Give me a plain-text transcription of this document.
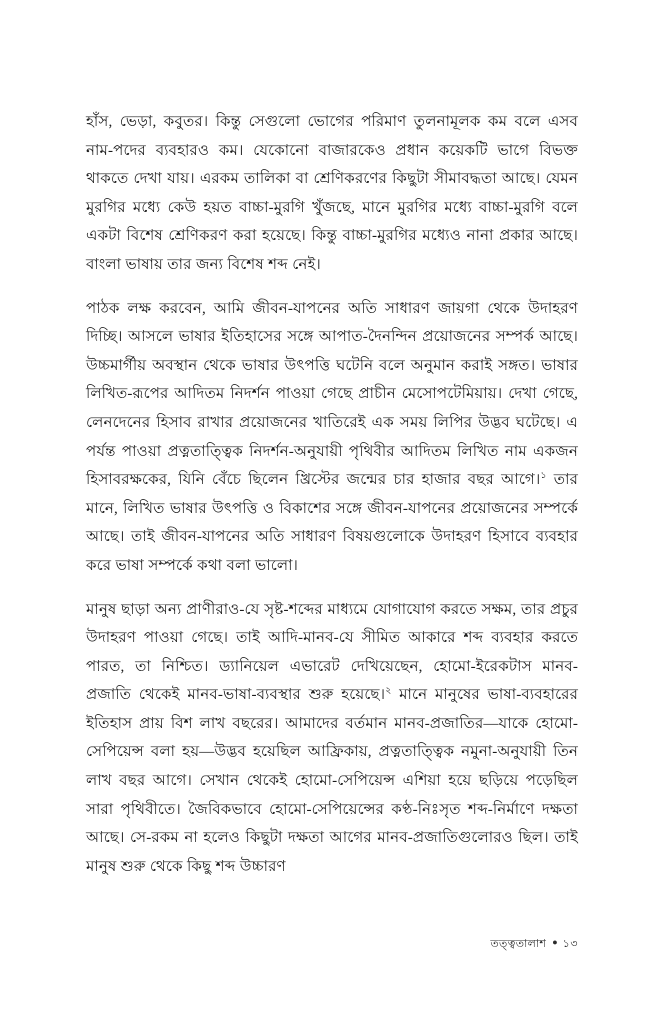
হাঁস, ভেড়া, কবুতর। কিন্তু সেগুলো ভোগের পরিমাণ তুলনামূলক কম বলে এসব নাম-পদের ব্যবহারও কম। যেকোনো বাজারকেও প্রধান কয়েকটি ভাগে বিভক্ত থাকতে দেখা যায়। এরকম তালিকা বা শ্রেণিকরণের কিছুটা সীমাবদ্ধতা আছে। যেমন মুরগির মধ্যে কেউ হয়ত বাচ্চা-মুরগি খুঁজছে, মানে মুরগির মধ্যে বাচ্চা-মুরগি বলে একটা বিশেষ শ্রেণিকরণ করা হয়েছে। কিন্তু বাচ্চা-মুরগির মধ্যেও নানা প্রকার আছে। বাংলা ভাষায় তার জন্য বিশেষ শব্দ নেই।

পাঠক লক্ষ করবেন, আমি জীবন-যাপনের অতি সাধারণ জায়গা থেকে উদাহরণ দিচ্ছি। আসলে ভাষার ইতিহাসের সঙ্গে আপাত-দৈনন্দিন প্রয়োজনের সম্পর্ক আছে। উচ্চমার্গীয় অবস্থান থেকে ভাষার উৎপত্তি ঘটেনি বলে অনুমান করাই সঙ্গত। ভাষার লিখিত-রূপের আদিতম নিদর্শন পাওয়া গেছে প্রাচীন মেসোপটেমিয়ায়। দেখা গেছে, লেনদেনের হিসাব রাখার প্রয়োজনের খাতিরেই এক সময় লিপির উদ্ভব ঘটেছে। এ পর্যন্ত পাওয়া প্রত্নতাত্ত্বিক নিদর্শন-অনুযায়ী পৃথিবীর আদিতম লিখিত নাম একজন হিসাবরক্ষকের, যিনি বেঁচে ছিলেন খ্রিস্টের জন্মের চার হাজার বছর আগে।$^১$ তার মানে, লিখিত ভাষার উৎপত্তি ও বিকাশের সঙ্গে জীবন-যাপনের প্রয়োজনের সম্পর্কে আছে। তাই জীবন-যাপনের অতি সাধারণ বিষয়গুলোকে উদাহরণ হিসাবে ব্যবহার করে ভাষা সম্পর্কে কথা বলা ভালো।

মানুষ ছাড়া অন্য প্রাণীরাও-যে সৃষ্ট-শব্দের মাধ্যমে যোগাযোগ করতে সক্ষম, তার প্রচুর উদাহরণ পাওয়া গেছে। তাই আদি-মানব-যে সীমিত আকারে শব্দ ব্যবহার করতে পারত, তা নিশ্চিত। ড্যানিয়েল এভারেট দেখিয়েছেন, হোমো-ইরেকটাস মানব-প্রজাতি থেকেই মানব-ভাষা-ব্যবস্থার শুরু হয়েছে।$^২$ মানে মানুষের ভাষা-ব্যবহারের ইতিহাস প্রায় বিশ লাখ বছরের। আমাদের বর্তমান মানব-প্রজাতির—যাকে হোমো-সেপিয়েন্স বলা হয়—উদ্ভব হয়েছিল আফ্রিকায়, প্রত্নতাত্ত্বিক নমুনা-অনুযায়ী তিন লাখ বছর আগে। সেখান থেকেই হোমো-সেপিয়েন্স এশিয়া হয়ে ছড়িয়ে পড়েছিল সারা পৃথিবীতে। জৈবিকভাবে হোমো-সেপিয়েন্সের কণ্ঠ-নিঃসৃত শব্দ-নির্মাণে দক্ষতা আছে। সে-রকম না হলেও কিছুটা দক্ষতা আগের মানব-প্রজাতিগুলোরও ছিল। তাই মানুষ শুরু থেকে কিছু শব্দ উচ্চারণ

তত্ত্বতালাশ ● ১৩
